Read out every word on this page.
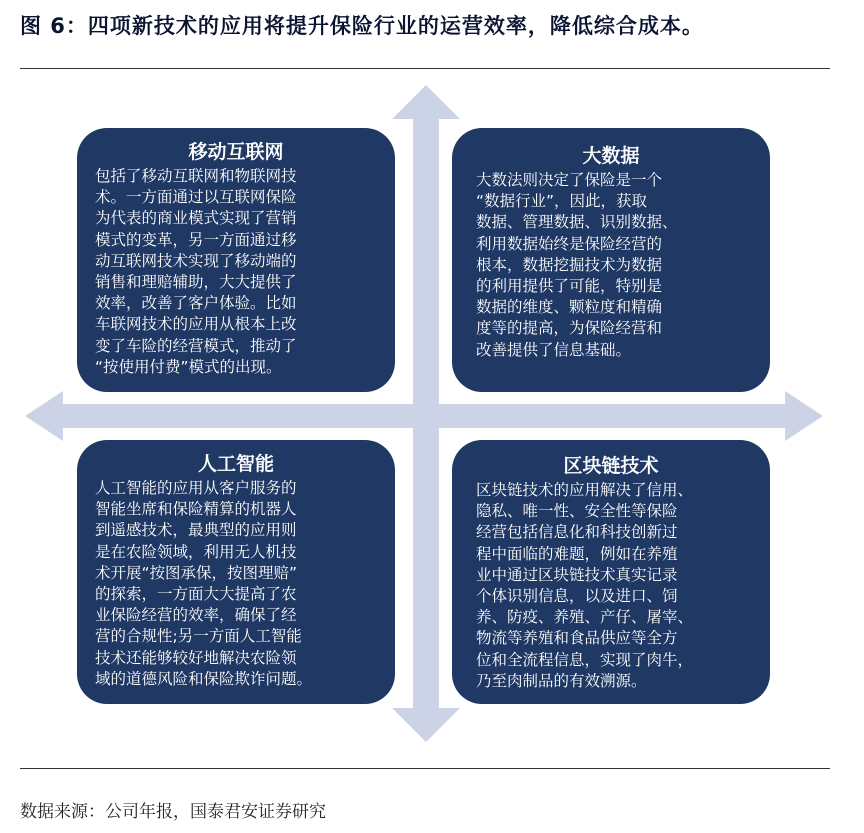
图 6：四项新技术的应用将提升保险行业的运营效率，降低综合成本。
移动互联网
包括了移动互联网和物联网技
术。一方面通过以互联网保险
为代表的商业模式实现了营销
模式的变革，另一方面通过移
动互联网技术实现了移动端的
销售和理赔辅助，大大提供了
效率，改善了客户体验。比如
车联网技术的应用从根本上改
变了车险的经营模式，推动了
“按使用付费”模式的出现。
大数据
大数法则决定了保险是一个
“数据行业”，因此，获取
数据、管理数据、识别数据、
利用数据始终是保险经营的
根本，数据挖掘技术为数据
的利用提供了可能，特别是
数据的维度、颗粒度和精确
度等的提高，为保险经营和
改善提供了信息基础。
人工智能
人工智能的应用从客户服务的
智能坐席和保险精算的机器人
到遥感技术，最典型的应用则
是在农险领域，利用无人机技
术开展“按图承保，按图理赔”
的探索，一方面大大提高了农
业保险经营的效率，确保了经
营的合规性;另一方面人工智能
技术还能够较好地解决农险领
域的道德风险和保险欺诈问题。
区块链技术
区块链技术的应用解决了信用、
隐私、唯一性、安全性等保险
经营包括信息化和科技创新过
程中面临的难题，例如在养殖
业中通过区块链技术真实记录
个体识别信息，以及进口、饲
养、防疫、养殖、产仔、屠宰、
物流等养殖和食品供应等全方
位和全流程信息，实现了肉牛，
乃至肉制品的有效溯源。
数据来源：公司年报，国泰君安证券研究
